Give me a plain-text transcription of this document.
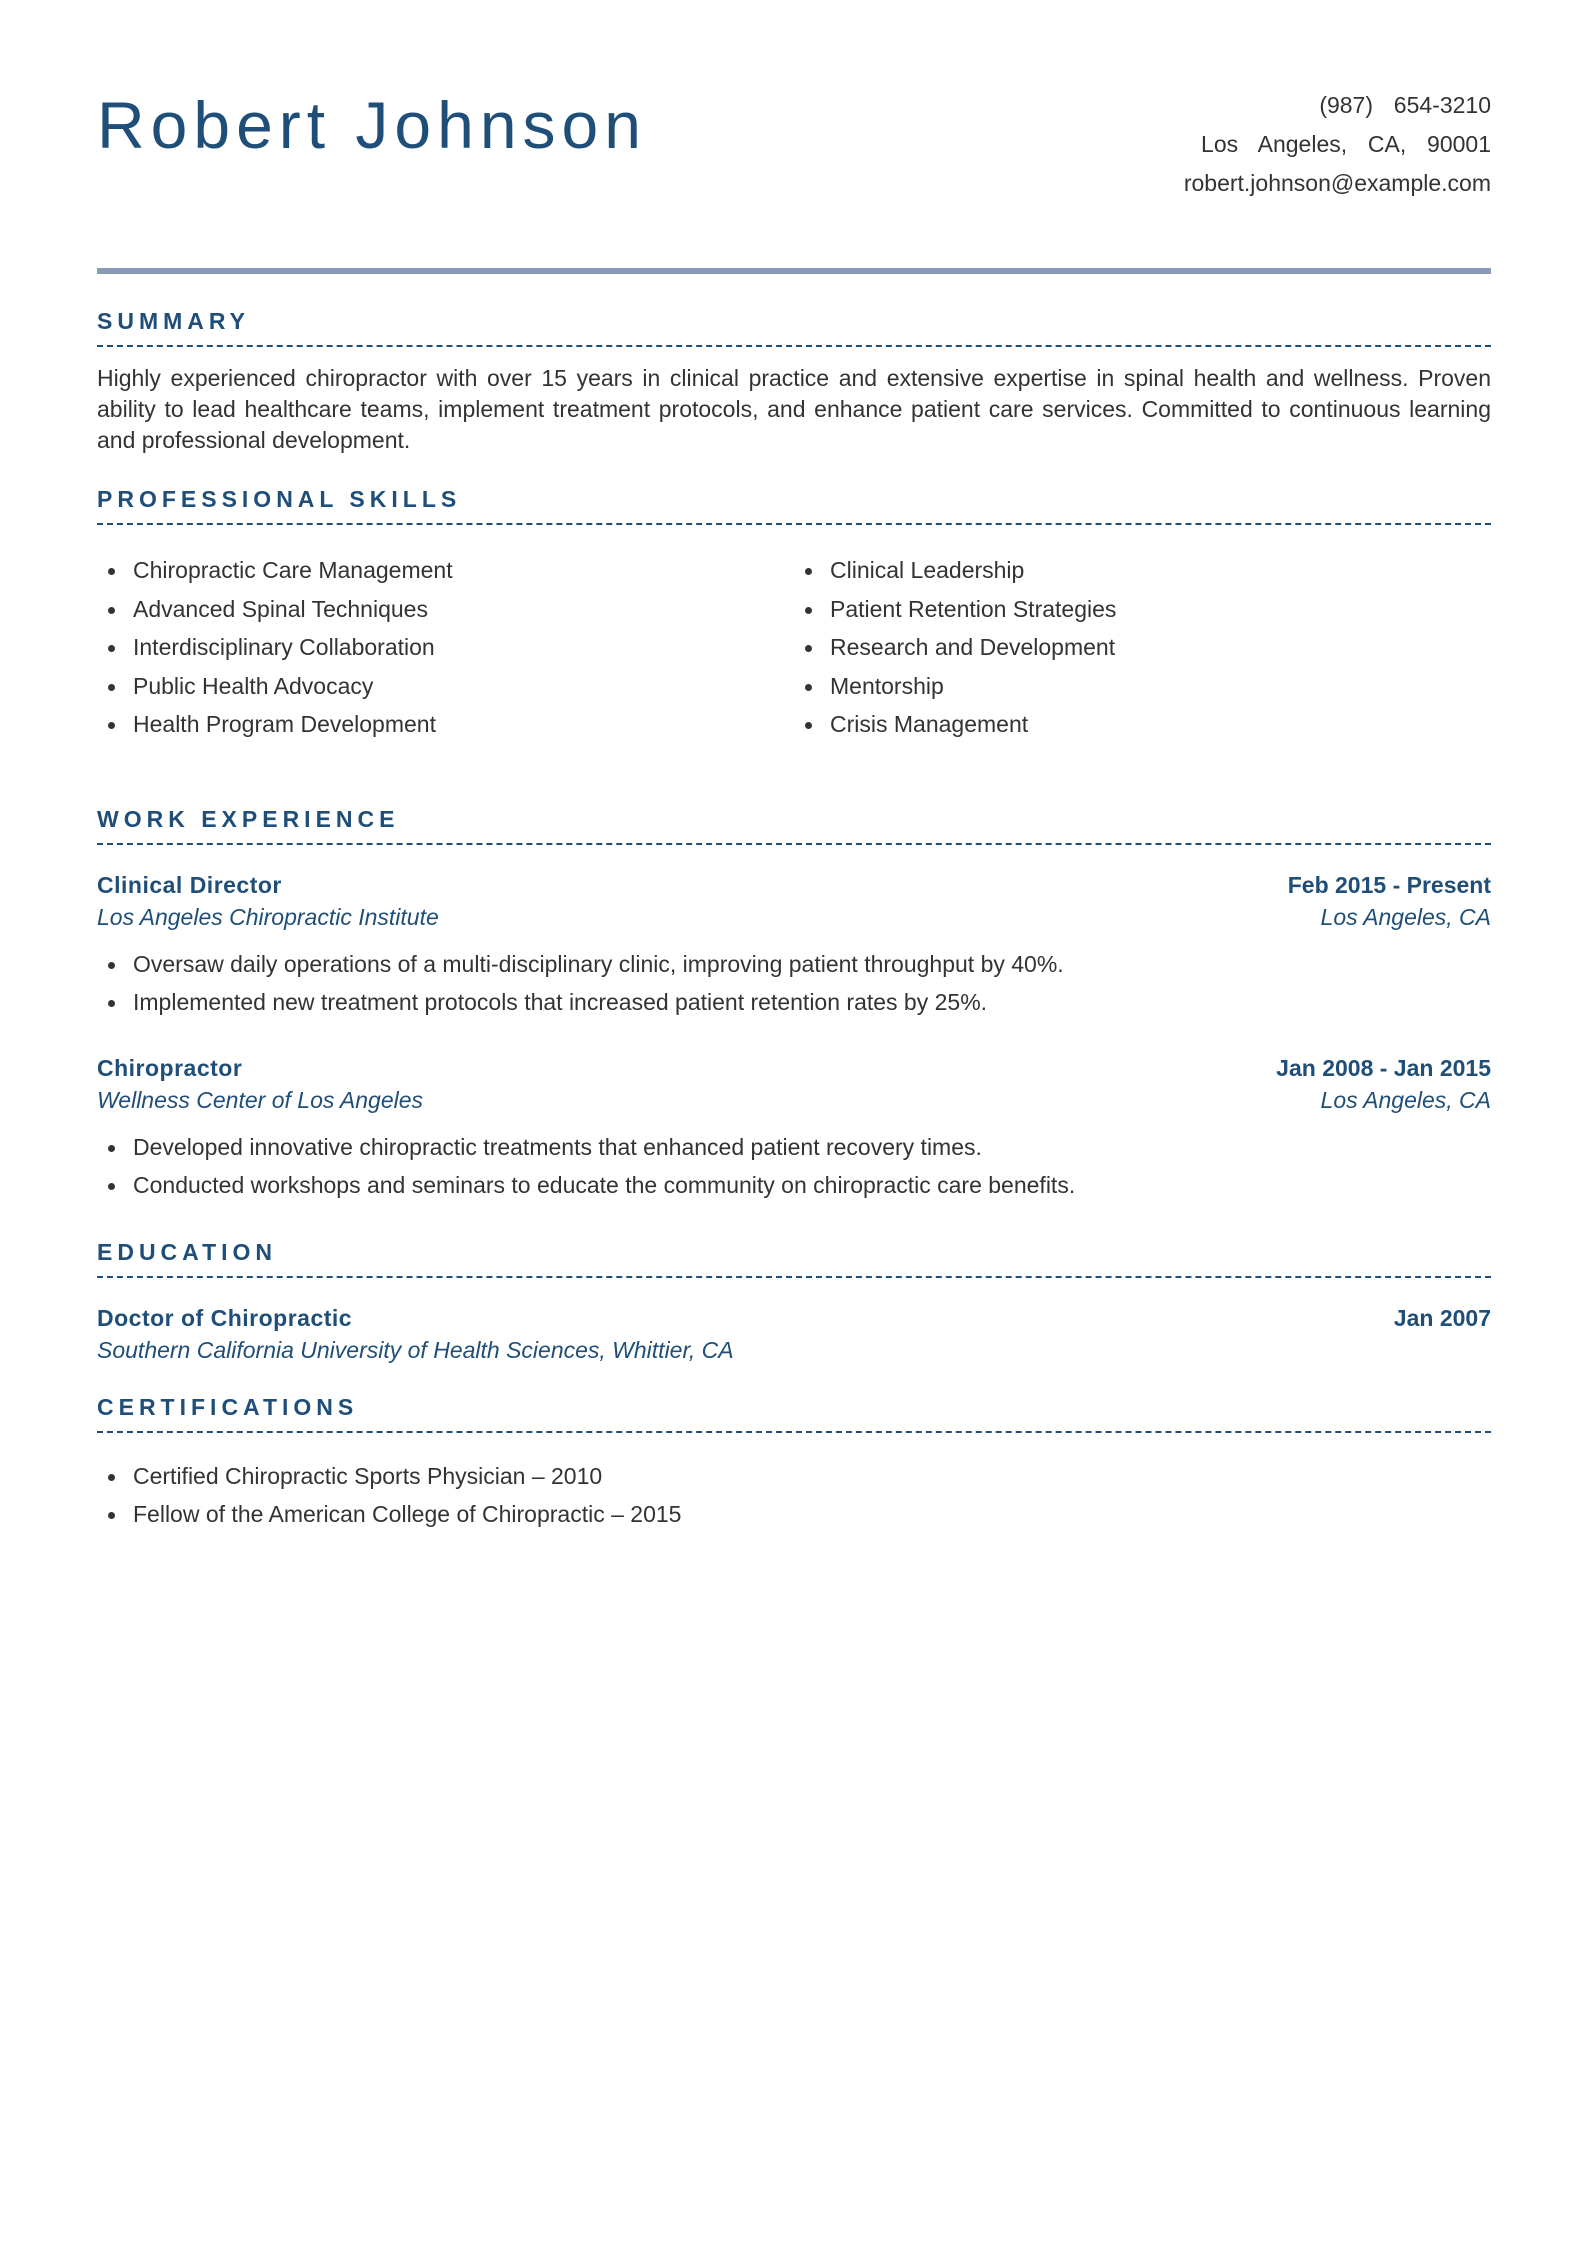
Robert Johnson	(987)  654-3210
Los  Angeles,  CA,  90001
robert.johnson@example.com
SUMMARY

Highly experienced chiropractor with over 15 years in clinical practice and extensive expertise in spinal health and wellness. Proven ability to lead healthcare teams, implement treatment protocols, and enhance patient care services. Committed to continuous learning and professional development.

PROFESSIONAL SKILLS
Chiropractic Care Management
Advanced Spinal Techniques
Interdisciplinary Collaboration
Public Health Advocacy
Health Program Development
Clinical Leadership
Patient Retention Strategies
Research and Development
Mentorship
Crisis Management
WORK EXPERIENCE
Clinical Director	Feb 2015 - Present
Los Angeles Chiropractic Institute	Los Angeles, CA
Oversaw daily operations of a multi-disciplinary clinic, improving patient throughput by 40%.
Implemented new treatment protocols that increased patient retention rates by 25%.
Chiropractor	Jan 2008 - Jan 2015
Wellness Center of Los Angeles	Los Angeles, CA
Developed innovative chiropractic treatments that enhanced patient recovery times.
Conducted workshops and seminars to educate the community on chiropractic care benefits.
EDUCATION
Doctor of Chiropractic	Jan 2007
Southern California University of Health Sciences, Whittier, CA
CERTIFICATIONS
Certified Chiropractic Sports Physician – 2010
Fellow of the American College of Chiropractic – 2015
